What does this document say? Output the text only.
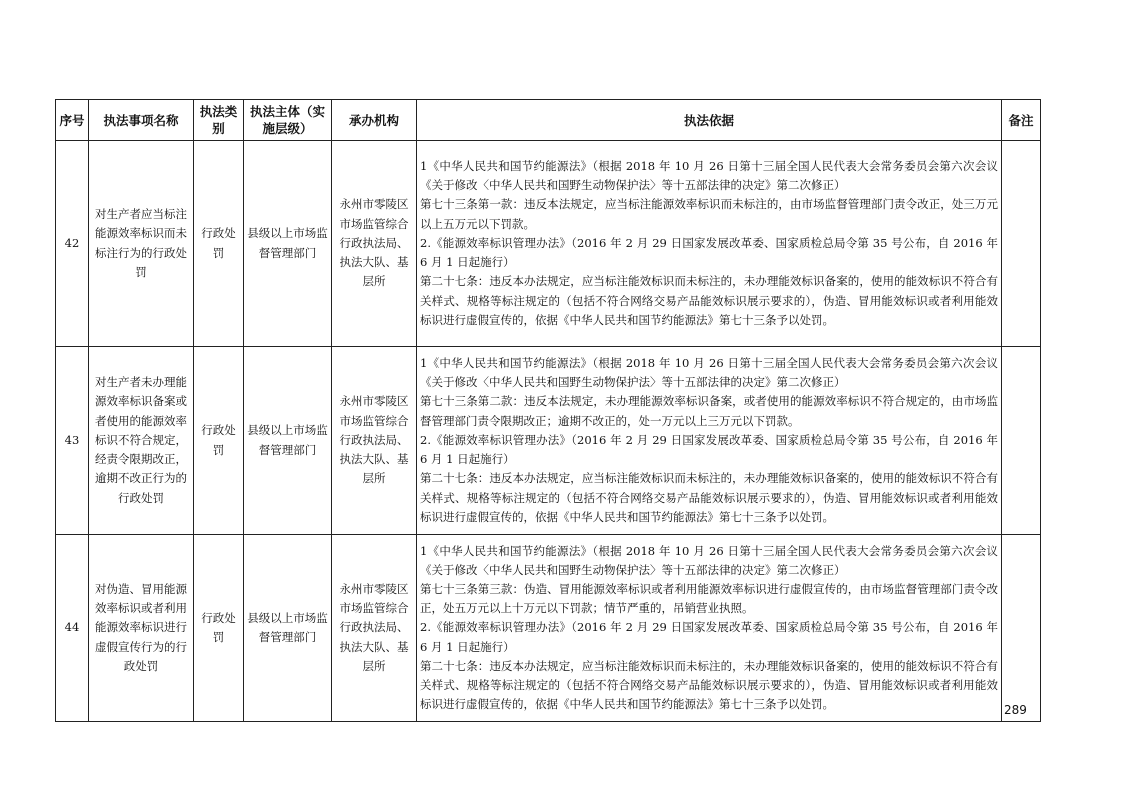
序号	执法事项名称	执法类别	执法主体（实施层级）	承办机构	执法依据	备注
42	对生产者应当标注能源效率标识而未标注行为的行政处罚	行政处罚	县级以上市场监督管理部门	永州市零陵区市场监管综合行政执法局、执法大队、基层所	1《中华人民共和国节约能源法》（根据 2018 年 10 月 26 日第十三届全国人民代表大会常务委员会第六次会议《关于修改〈中华人民共和国野生动物保护法〉等十五部法律的决定》第二次修正）
第七十三条第一款：违反本法规定，应当标注能源效率标识而未标注的，由市场监督管理部门责令改正，处三万元以上五万元以下罚款。
2.《能源效率标识管理办法》（2016 年 2 月 29 日国家发展改革委、国家质检总局令第 35 号公布，自 2016 年 6 月 1 日起施行）
第二十七条：违反本办法规定，应当标注能效标识而未标注的，未办理能效标识备案的，使用的能效标识不符合有关样式、规格等标注规定的（包括不符合网络交易产品能效标识展示要求的），伪造、冒用能效标识或者利用能效标识进行虚假宣传的，依据《中华人民共和国节约能源法》第七十三条予以处罚。	

43	对生产者未办理能源效率标识备案或者使用的能源效率标识不符合规定，经责令限期改正，逾期不改正行为的行政处罚	行政处罚	县级以上市场监督管理部门	永州市零陵区市场监管综合行政执法局、执法大队、基层所	1《中华人民共和国节约能源法》（根据 2018 年 10 月 26 日第十三届全国人民代表大会常务委员会第六次会议《关于修改〈中华人民共和国野生动物保护法〉等十五部法律的决定》第二次修正）
第七十三条第二款：违反本法规定，未办理能源效率标识备案，或者使用的能源效率标识不符合规定的，由市场监督管理部门责令限期改正；逾期不改正的，处一万元以上三万元以下罚款。
2.《能源效率标识管理办法》（2016 年 2 月 29 日国家发展改革委、国家质检总局令第 35 号公布，自 2016 年 6 月 1 日起施行）
第二十七条：违反本办法规定，应当标注能效标识而未标注的，未办理能效标识备案的，使用的能效标识不符合有关样式、规格等标注规定的（包括不符合网络交易产品能效标识展示要求的），伪造、冒用能效标识或者利用能效标识进行虚假宣传的，依据《中华人民共和国节约能源法》第七十三条予以处罚。	

44	对伪造、冒用能源效率标识或者利用能源效率标识进行虚假宣传行为的行政处罚	行政处罚	县级以上市场监督管理部门	永州市零陵区市场监管综合行政执法局、执法大队、基层所	1《中华人民共和国节约能源法》（根据 2018 年 10 月 26 日第十三届全国人民代表大会常务委员会第六次会议《关于修改〈中华人民共和国野生动物保护法〉等十五部法律的决定》第二次修正）
第七十三条第三款：伪造、冒用能源效率标识或者利用能源效率标识进行虚假宣传的，由市场监督管理部门责令改正，处五万元以上十万元以下罚款；情节严重的，吊销营业执照。
2.《能源效率标识管理办法》（2016 年 2 月 29 日国家发展改革委、国家质检总局令第 35 号公布，自 2016 年 6 月 1 日起施行）
第二十七条：违反本办法规定，应当标注能效标识而未标注的，未办理能效标识备案的，使用的能效标识不符合有关样式、规格等标注规定的（包括不符合网络交易产品能效标识展示要求的），伪造、冒用能效标识或者利用能效标识进行虚假宣传的，依据《中华人民共和国节约能源法》第七十三条予以处罚。	
		289
